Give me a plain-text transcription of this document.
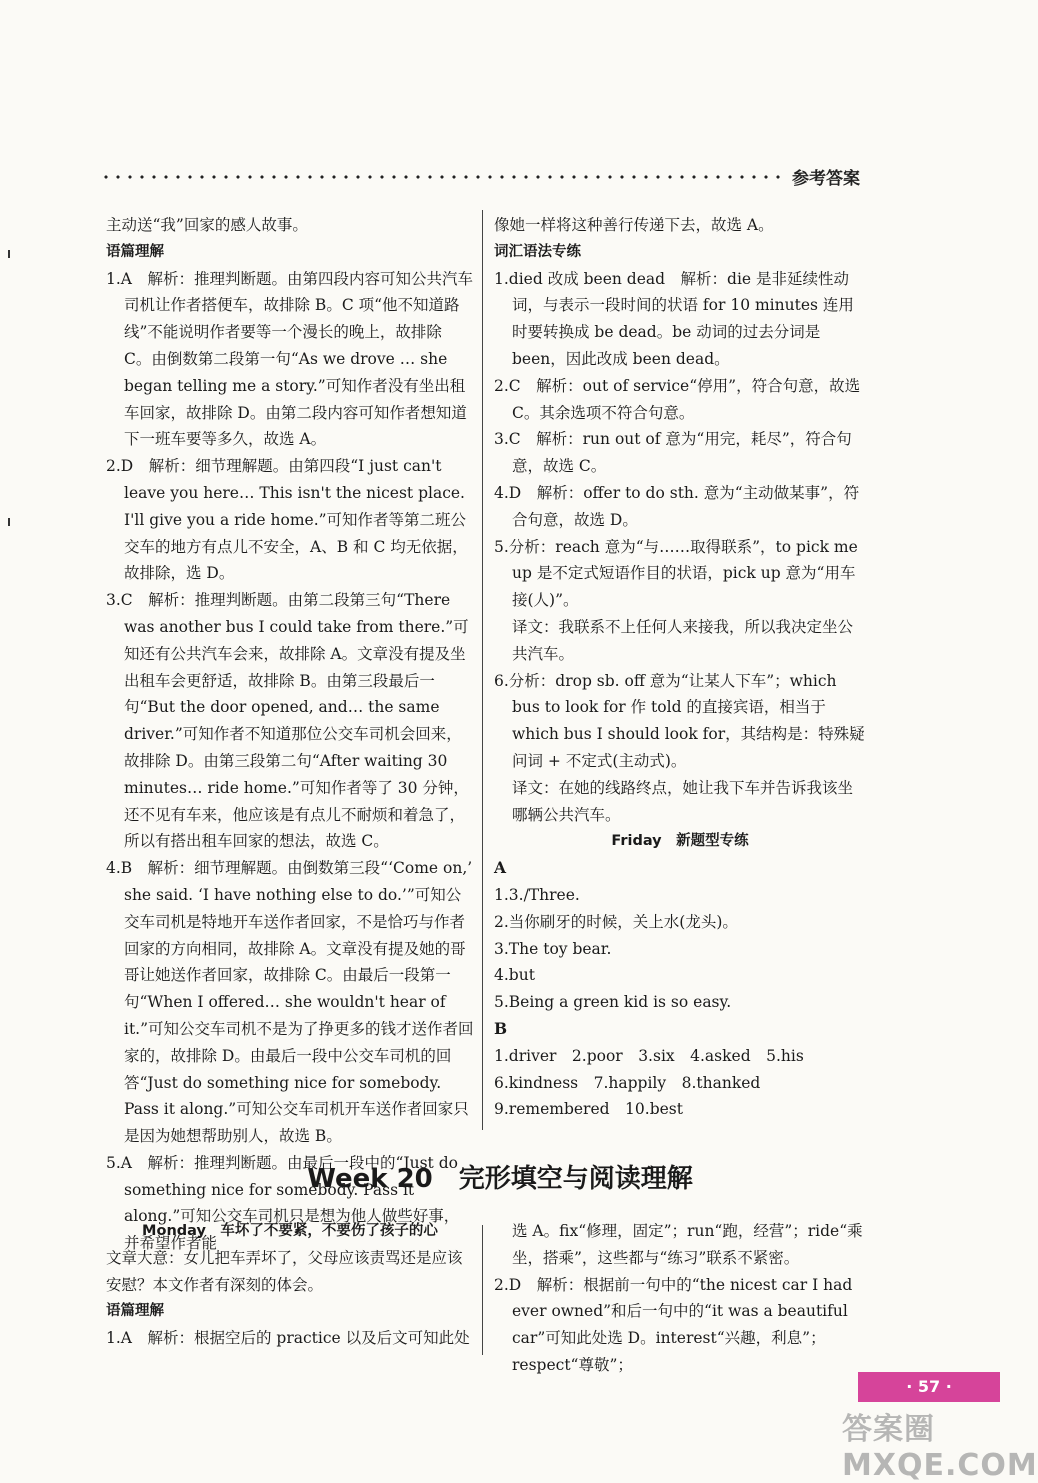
参考答案

主动送“我”回家的感人故事。

语篇理解

1.A　解析：推理判断题。由第四段内容可知公共汽车司机让作者搭便车，故排除 B。C 项“他不知道路线”不能说明作者要等一个漫长的晚上，故排除 C。由倒数第二段第一句“As we drove … she began telling me a story.”可知作者没有坐出租车回家，故排除 D。由第二段内容可知作者想知道下一班车要等多久，故选 A。

2.D　解析：细节理解题。由第四段“I just can't leave you here… This isn't the nicest place. I'll give you a ride home.”可知作者等第二班公交车的地方有点儿不安全，A、B 和 C 均无依据，故排除，选 D。

3.C　解析：推理判断题。由第二段第三句“There was another bus I could take from there.”可知还有公共汽车会来，故排除 A。文章没有提及坐出租车会更舒适，故排除 B。由第三段最后一句“But the door opened, and… the same driver.”可知作者不知道那位公交车司机会回来，故排除 D。由第三段第二句“After waiting 30 minutes… ride home.”可知作者等了 30 分钟，还不见有车来，他应该是有点儿不耐烦和着急了，所以有搭出租车回家的想法，故选 C。

4.B　解析：细节理解题。由倒数第三段“‘Come on,’ she said. ‘I have nothing else to do.’”可知公交车司机是特地开车送作者回家，不是恰巧与作者回家的方向相同，故排除 A。文章没有提及她的哥哥让她送作者回家，故排除 C。由最后一段第一句“When I offered… she wouldn't hear of it.”可知公交车司机不是为了挣更多的钱才送作者回家的，故排除 D。由最后一段中公交车司机的回答“Just do something nice for somebody. Pass it along.”可知公交车司机开车送作者回家只是因为她想帮助别人，故选 B。

5.A　解析：推理判断题。由最后一段中的“Just do something nice for somebody. Pass it along.”可知公交车司机只是想为他人做些好事，并希望作者能

像她一样将这种善行传递下去，故选 A。

词汇语法专练

1.died 改成 been dead　解析：die 是非延续性动词，与表示一段时间的状语 for 10 minutes 连用时要转换成 be dead。be 动词的过去分词是 been，因此改成 been dead。

2.C　解析：out of service“停用”，符合句意，故选 C。其余选项不符合句意。

3.C　解析：run out of 意为“用完，耗尽”，符合句意，故选 C。

4.D　解析：offer to do sth. 意为“主动做某事”，符合句意，故选 D。

5.分析：reach 意为“与……取得联系”，to pick me up 是不定式短语作目的状语，pick up 意为“用车接(人)”。

译文：我联系不上任何人来接我，所以我决定坐公共汽车。

6.分析：drop sb. off 意为“让某人下车”；which bus to look for 作 told 的直接宾语，相当于 which bus I should look for，其结构是：特殊疑问词 + 不定式(主动式)。

译文：在她的线路终点，她让我下车并告诉我该坐哪辆公共汽车。

Friday　新题型专练

A

1.3./Three.

2.当你刷牙的时候，关上水(龙头)。

3.The toy bear.

4.but

5.Being a green kid is so easy.

B

1.driver　2.poor　3.six　4.asked　5.his

6.kindness　7.happily　8.thanked

9.remembered　10.best

Week 20　完形填空与阅读理解

Monday　车坏了不要紧，不要伤了孩子的心

文章大意：女儿把车弄坏了，父母应该责骂还是应该安慰？本文作者有深刻的体会。

语篇理解

1.A　解析：根据空后的 practice 以及后文可知此处

选 A。fix“修理，固定”；run“跑，经营”；ride“乘坐，搭乘”，这些都与“练习”联系不紧密。

2.D　解析：根据前一句中的“the nicest car I had ever owned”和后一句中的“it was a beautiful car”可知此处选 D。interest“兴趣，利息”；respect“尊敬”；

· 57 ·
答案圈 MXQE.COM
